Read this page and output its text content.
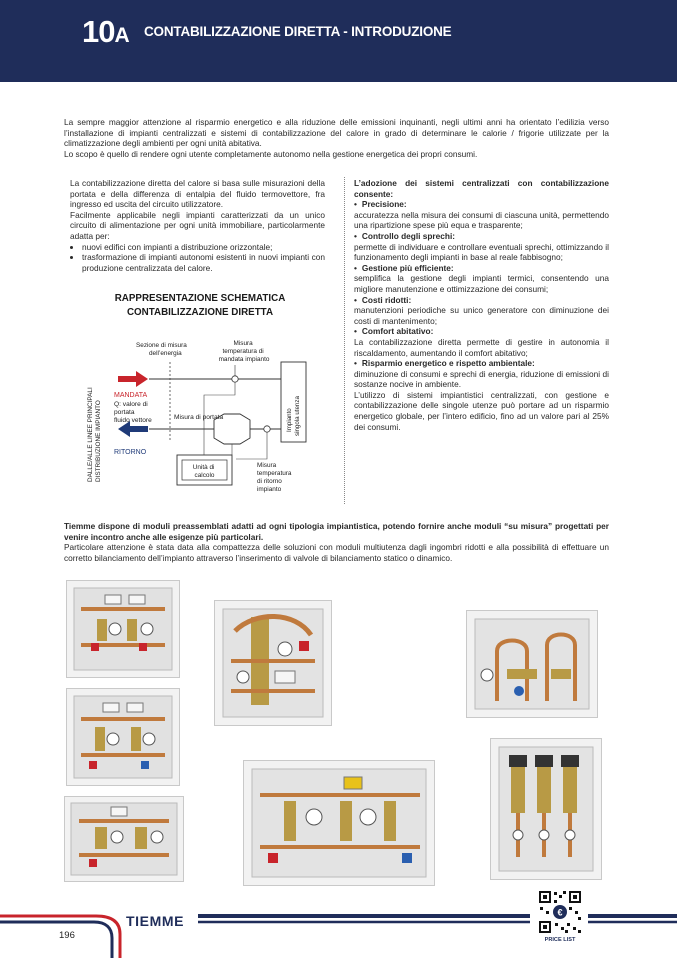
10A CONTABILIZZAZIONE DIRETTA - INTRODUZIONE

La sempre maggior attenzione al risparmio energetico e alla riduzione delle emissioni inquinanti, negli ultimi anni ha orientato l’edilizia verso l’installazione di impianti centralizzati e sistemi di contabilizzazione del calore in grado di determinare le calorie / frigorie utilizzate per la climatizzazione degli ambienti per ogni unità abitativa.

Lo scopo è quello di rendere ogni utente completamente autonomo nella gestione energetica dei propri consumi.

La contabilizzazione diretta del calore si basa sulle misurazioni della portata e della differenza di entalpia del fluido termovettore, fra ingresso ed uscita del circuito utilizzatore.

Facilmente applicabile negli impianti caratterizzati da un unico circuito di alimentazione per ogni unità immobiliare, particolarmente adatta per:

• nuovi edifici con impianti a distribuzione orizzontale;
• trasformazione di impianti autonomi esistenti in nuovi impianti con produzione centralizzata del calore.
RAPPRESENTAZIONE SCHEMATICA
CONTABILIZZAZIONE DIRETTA
DALLE/ALLE LINEE PRINCIPALI DISTRIBUZIONE IMPIANTO
MANDATA
Q: valore di portata fluido vettore
RITORNO
Sezione di misura dell’energia
Misura temperatura di mandata impianto
Misura di portata
Unità di calcolo
Misura temperatura di ritorno impianto
Impianto singola utenza

L’adozione dei sistemi centralizzati con contabilizzazione consente:

• Precisione:

accuratezza nella misura dei consumi di ciascuna unità, permettendo una ripartizione spese più equa e trasparente;

• Controllo degli sprechi:

permette di individuare e controllare eventuali sprechi, ottimizzando il funzionamento degli impianti in base al reale fabbisogno;

• Gestione più efficiente:

semplifica la gestione degli impianti termici, consentendo una migliore manutenzione e ottimizzazione dei consumi;

• Costi ridotti:

manutenzioni periodiche su unico generatore con diminuzione dei costi di mantenimento;

• Comfort abitativo:

La contabilizzazione diretta permette di gestire in autonomia il riscaldamento, aumentando il comfort abitativo;

• Risparmio energetico e rispetto ambientale:

diminuzione di consumi e sprechi di energia, riduzione di emissioni di sostanze nocive in ambiente.

L’utilizzo di sistemi impiantistici centralizzati, con gestione e contabilizzazione delle singole utenze può portare ad un risparmio energetico globale, per l’intero edificio, fino ad un valore pari al 25% dei consumi.

Tiemme dispone di moduli preassemblati adatti ad ogni tipologia impiantistica, potendo fornire anche moduli “su misura” progettati per venire incontro anche alle esigenze più particolari.

Particolare attenzione è stata data alla compattezza delle soluzioni con moduli multiutenza dagli ingombri ridotti e alla possibilità di effettuare un corretto bilanciamento dell’impianto attraverso l’inserimento di valvole di bilanciamento statico o dinamico.

TIEMME
196
€
PRICE LIST
